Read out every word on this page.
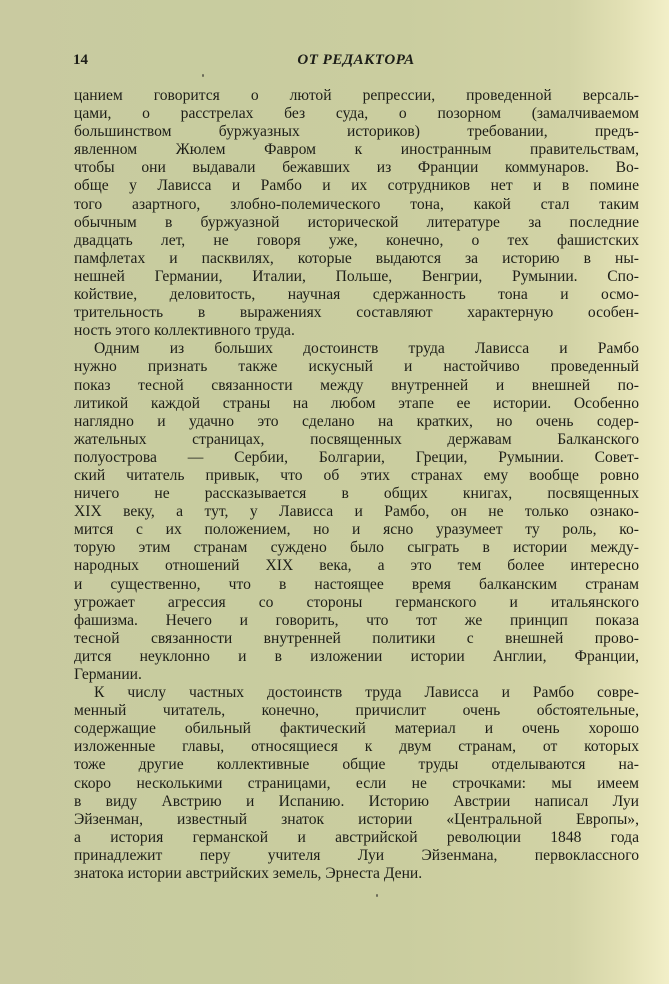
14	ОТ РЕДАКТОРА
цанием говорится о лютой репрессии, проведенной версаль-
цами, о расстрелах без суда, о позорном (замалчиваемом
большинством буржуазных историков) требовании, предъ-
явленном Жюлем Фавром к иностранным правительствам,
чтобы они выдавали бежавших из Франции коммунаров. Во-
обще у Лависса и Рамбо и их сотрудников нет и в помине
того азартного, злобно-полемического тона, какой стал таким
обычным в буржуазной исторической литературе за последние
двадцать лет, не говоря уже, конечно, о тех фашистских
памфлетах и пасквилях, которые выдаются за историю в ны-
нешней Германии, Италии, Польше, Венгрии, Румынии. Спо-
койствие, деловитость, научная сдержанность тона и осмо-
трительность в выражениях составляют характерную особен-
ность этого коллективного труда.
Одним из больших достоинств труда Лависса и Рамбо
нужно признать также искусный и настойчиво проведенный
показ тесной связанности между внутренней и внешней по-
литикой каждой страны на любом этапе ее истории. Особенно
наглядно и удачно это сделано на кратких, но очень содер-
жательных страницах, посвященных державам Балканского
полуострова — Сербии, Болгарии, Греции, Румынии. Совет-
ский читатель привык, что об этих странах ему вообще ровно
ничего не рассказывается в общих книгах, посвященных
XIX веку, а тут, у Лависса и Рамбо, он не только ознако-
мится с их положением, но и ясно уразумеет ту роль, ко-
торую этим странам суждено было сыграть в истории между-
народных отношений XIX века, а это тем более интересно
и существенно, что в настоящее время балканским странам
угрожает агрессия со стороны германского и итальянского
фашизма. Нечего и говорить, что тот же принцип показа
тесной связанности внутренней политики с внешней прово-
дится неуклонно и в изложении истории Англии, Франции,
Германии.
К числу частных достоинств труда Лависса и Рамбо совре-
менный читатель, конечно, причислит очень обстоятельные,
содержащие обильный фактический материал и очень хорошо
изложенные главы, относящиеся к двум странам, от которых
тоже другие коллективные общие труды отделываются на-
скоро несколькими страницами, если не строчками: мы имеем
в виду Австрию и Испанию. Историю Австрии написал Луи
Эйзенман, известный знаток истории «Центральной Европы»,
а история германской и австрийской революции 1848 года
принадлежит перу учителя Луи Эйзенмана, первоклассного
знатока истории австрийских земель, Эрнеста Дени.
